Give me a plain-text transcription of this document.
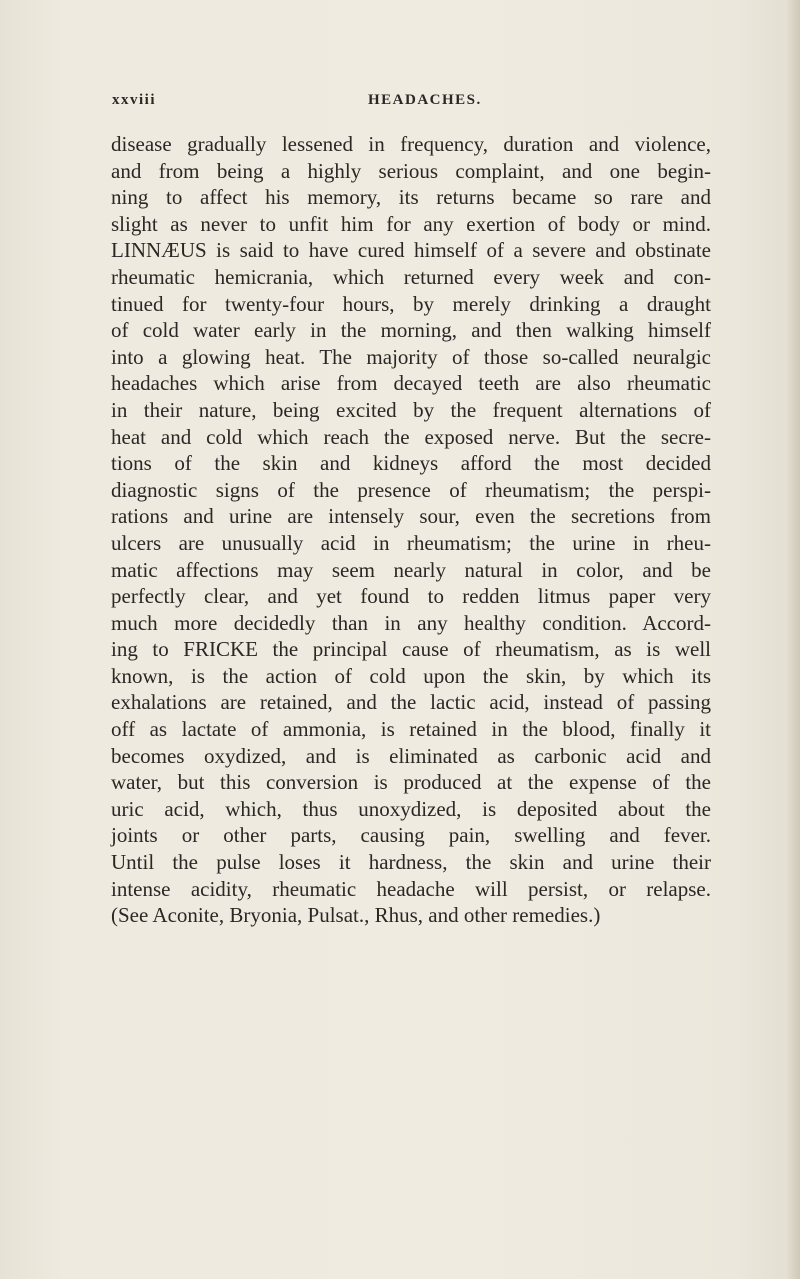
xxviii	HEADACHES.
disease gradually lessened in frequency, duration and violence,
and from being a highly serious complaint, and one begin-
ning to affect his memory, its returns became so rare and
slight as never to unfit him for any exertion of body or mind.
LINNÆUS is said to have cured himself of a severe and obstinate
rheumatic hemicrania, which returned every week and con-
tinued for twenty-four hours, by merely drinking a draught
of cold water early in the morning, and then walking himself
into a glowing heat. The majority of those so-called neuralgic
headaches which arise from decayed teeth are also rheumatic
in their nature, being excited by the frequent alternations of
heat and cold which reach the exposed nerve. But the secre-
tions of the skin and kidneys afford the most decided
diagnostic signs of the presence of rheumatism; the perspi-
rations and urine are intensely sour, even the secretions from
ulcers are unusually acid in rheumatism; the urine in rheu-
matic affections may seem nearly natural in color, and be
perfectly clear, and yet found to redden litmus paper very
much more decidedly than in any healthy condition. Accord-
ing to FRICKE the principal cause of rheumatism, as is well
known, is the action of cold upon the skin, by which its
exhalations are retained, and the lactic acid, instead of passing
off as lactate of ammonia, is retained in the blood, finally it
becomes oxydized, and is eliminated as carbonic acid and
water, but this conversion is produced at the expense of the
uric acid, which, thus unoxydized, is deposited about the
joints or other parts, causing pain, swelling and fever.
Until the pulse loses it hardness, the skin and urine their
intense acidity, rheumatic headache will persist, or relapse.
(See Aconite, Bryonia, Pulsat., Rhus, and other remedies.)
